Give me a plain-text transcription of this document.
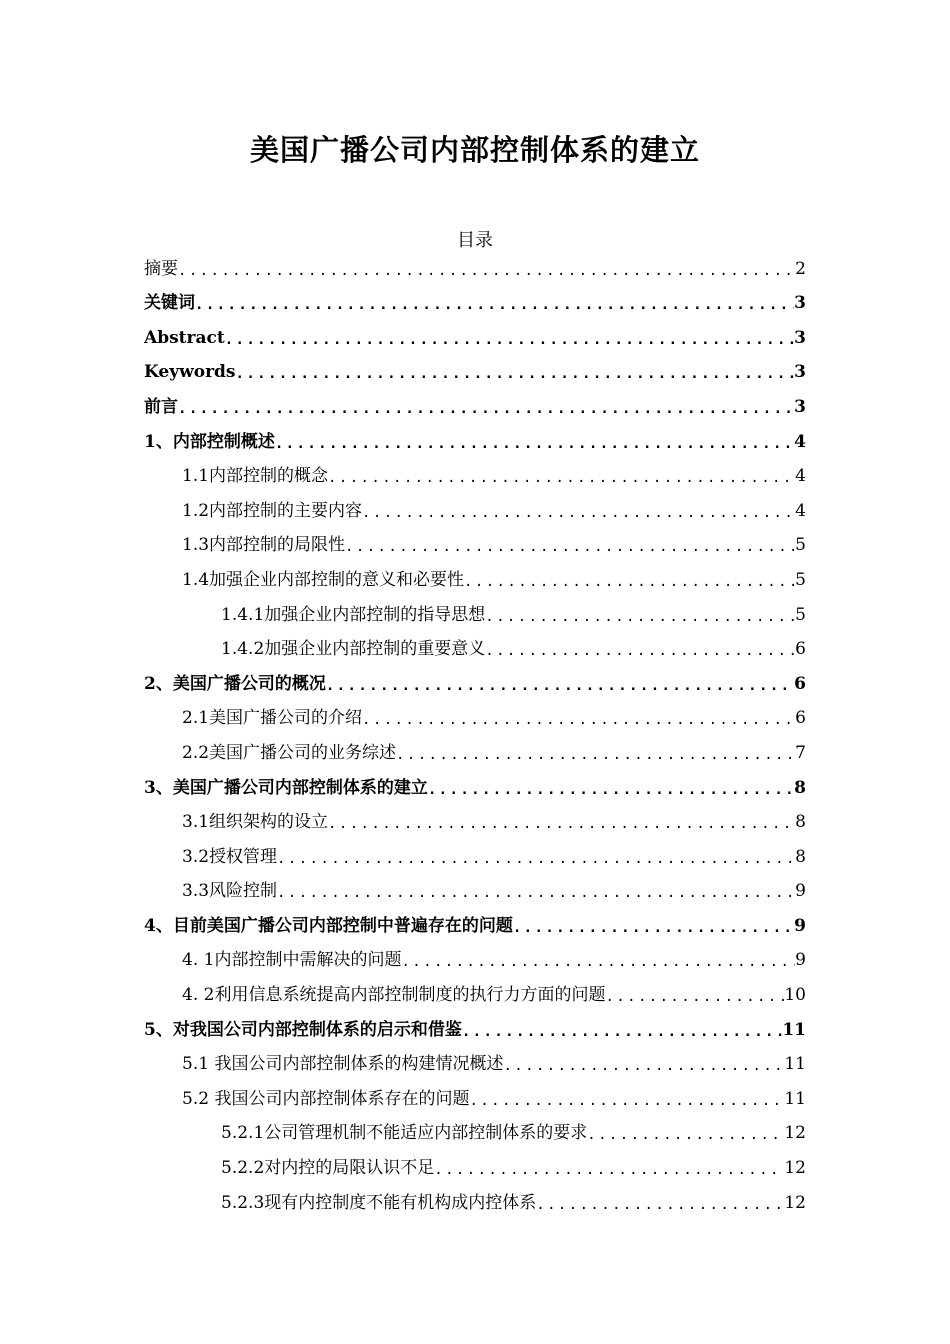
美国广播公司内部控制体系的建立
目录
摘要 .....	2
关键词 .....	3
Abstract .....	3
Keywords .....	3
前言 .....	3
1、内部控制概述 .....	4
1.1内部控制的概念 .....	4
1.2内部控制的主要内容 .....	4
1.3内部控制的局限性 .....	5
1.4加强企业内部控制的意义和必要性 .....	5
1.4.1加强企业内部控制的指导思想 .....	5
1.4.2加强企业内部控制的重要意义 .....	6
2、美国广播公司的概况 .....	6
2.1美国广播公司的介绍 .....	6
2.2美国广播公司的业务综述 .....	7
3、美国广播公司内部控制体系的建立 .....	8
3.1组织架构的设立 .....	8
3.2授权管理 .....	8
3.3风险控制 .....	9
4、目前美国广播公司内部控制中普遍存在的问题 .....	9
4. 1内部控制中需解决的问题 .....	9
4. 2利用信息系统提高内部控制制度的执行力方面的问题 .....	10
5、对我国公司内部控制体系的启示和借鉴 .....	11
5.1 我国公司内部控制体系的构建情况概述 .....	11
5.2 我国公司内部控制体系存在的问题 .....	11
5.2.1公司管理机制不能适应内部控制体系的要求 .....	12
5.2.2对内控的局限认识不足 .....	12
5.2.3现有内控制度不能有机构成内控体系 .....	12
